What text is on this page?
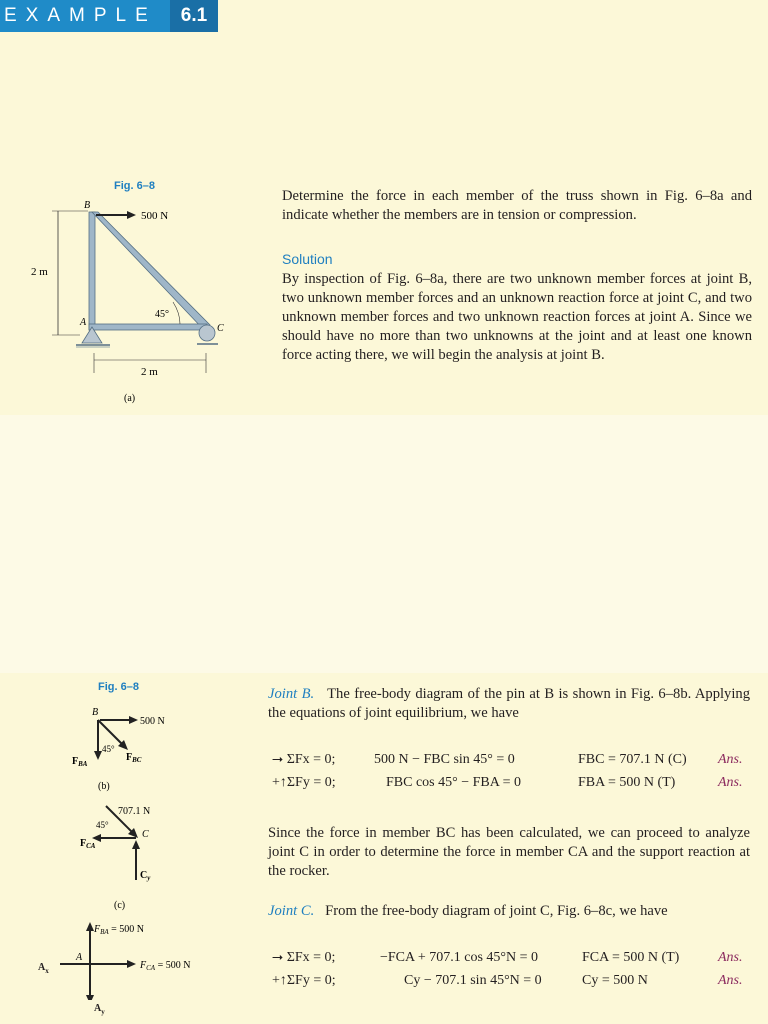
EXAMPLE	6.1
Fig. 6–8
2 m
500 N
B
A
C
45°
2 m
(a)
Determine the force in each member of the truss shown in Fig. 6–8a and indicate whether the members are in tension or compression.
Solution
By inspection of Fig. 6–8a, there are two unknown member forces at joint B, two unknown member forces and an unknown reaction force at joint C, and two unknown member forces and two unknown reaction forces at joint A. Since we should have no more than two unknowns at the joint and at least one known force acting there, we will begin the analysis at joint B.
Fig. 6–8
B
500 N
45°
$F_{BA}$
$F_{BC}$
(b)
707.1 N
45°
C
$F_{CA}$
$C_y$
(c)
$F_{BA} = 500$ N
$F_{CA} = 500$ N
A
$A_x$
$A_y$
Joint B. The free-body diagram of the pin at B is shown in Fig. 6–8b. Applying the equations of joint equilibrium, we have
⭢ ΣFx = 0;	500 N − FBC sin 45° = 0	FBC = 707.1 N (C) Ans.
+↑ΣFy = 0;	FBC cos 45° − FBA = 0	FBA = 500 N (T)	Ans.
Since the force in member BC has been calculated, we can proceed to analyze joint C in order to determine the force in member CA and the support reaction at the rocker.
Joint C. From the free-body diagram of joint C, Fig. 6–8c, we have
⭢ ΣFx = 0;	−FCA + 707.1 cos 45°N = 0	FCA = 500 N (T)	Ans.
+↑ΣFy = 0;	Cy − 707.1 sin 45°N = 0	Cy = 500 N	Ans.
